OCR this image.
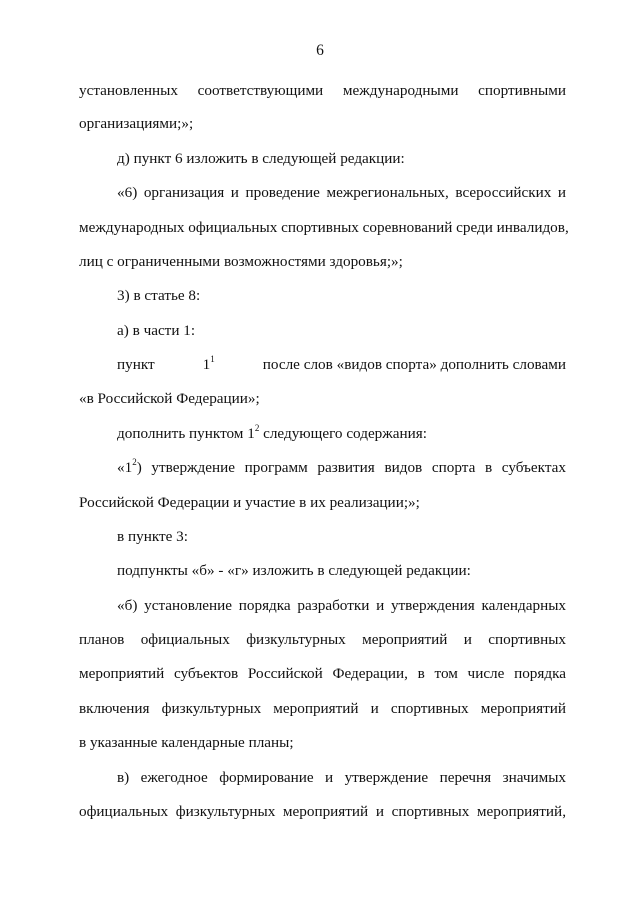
6
установленных соответствующими международными спортивными
организациями;»;
д) пункт 6 изложить в следующей редакции:
«6) организация и проведение межрегиональных, всероссийских и
международных официальных спортивных соревнований среди инвалидов,
лиц с ограниченными возможностями здоровья;»;
3) в статье 8:
а) в части 1:
пункт	$1^1$	после слов «видов спорта» дополнить словами
«в Российской Федерации»;
дополнить пунктом $1^2$ следующего содержания:
«$1^2$ ) утверждение программ развития видов спорта в субъектах
Российской Федерации и участие в их реализации;»;
в пункте 3:
подпункты «б» - «г» изложить в следующей редакции:
«б) установление порядка разработки и утверждения календарных
планов официальных физкультурных мероприятий и спортивных
мероприятий субъектов Российской Федерации, в том числе порядка
включения физкультурных мероприятий и спортивных мероприятий
в указанные календарные планы;
в) ежегодное формирование и утверждение перечня значимых
официальных физкультурных мероприятий и спортивных мероприятий,
